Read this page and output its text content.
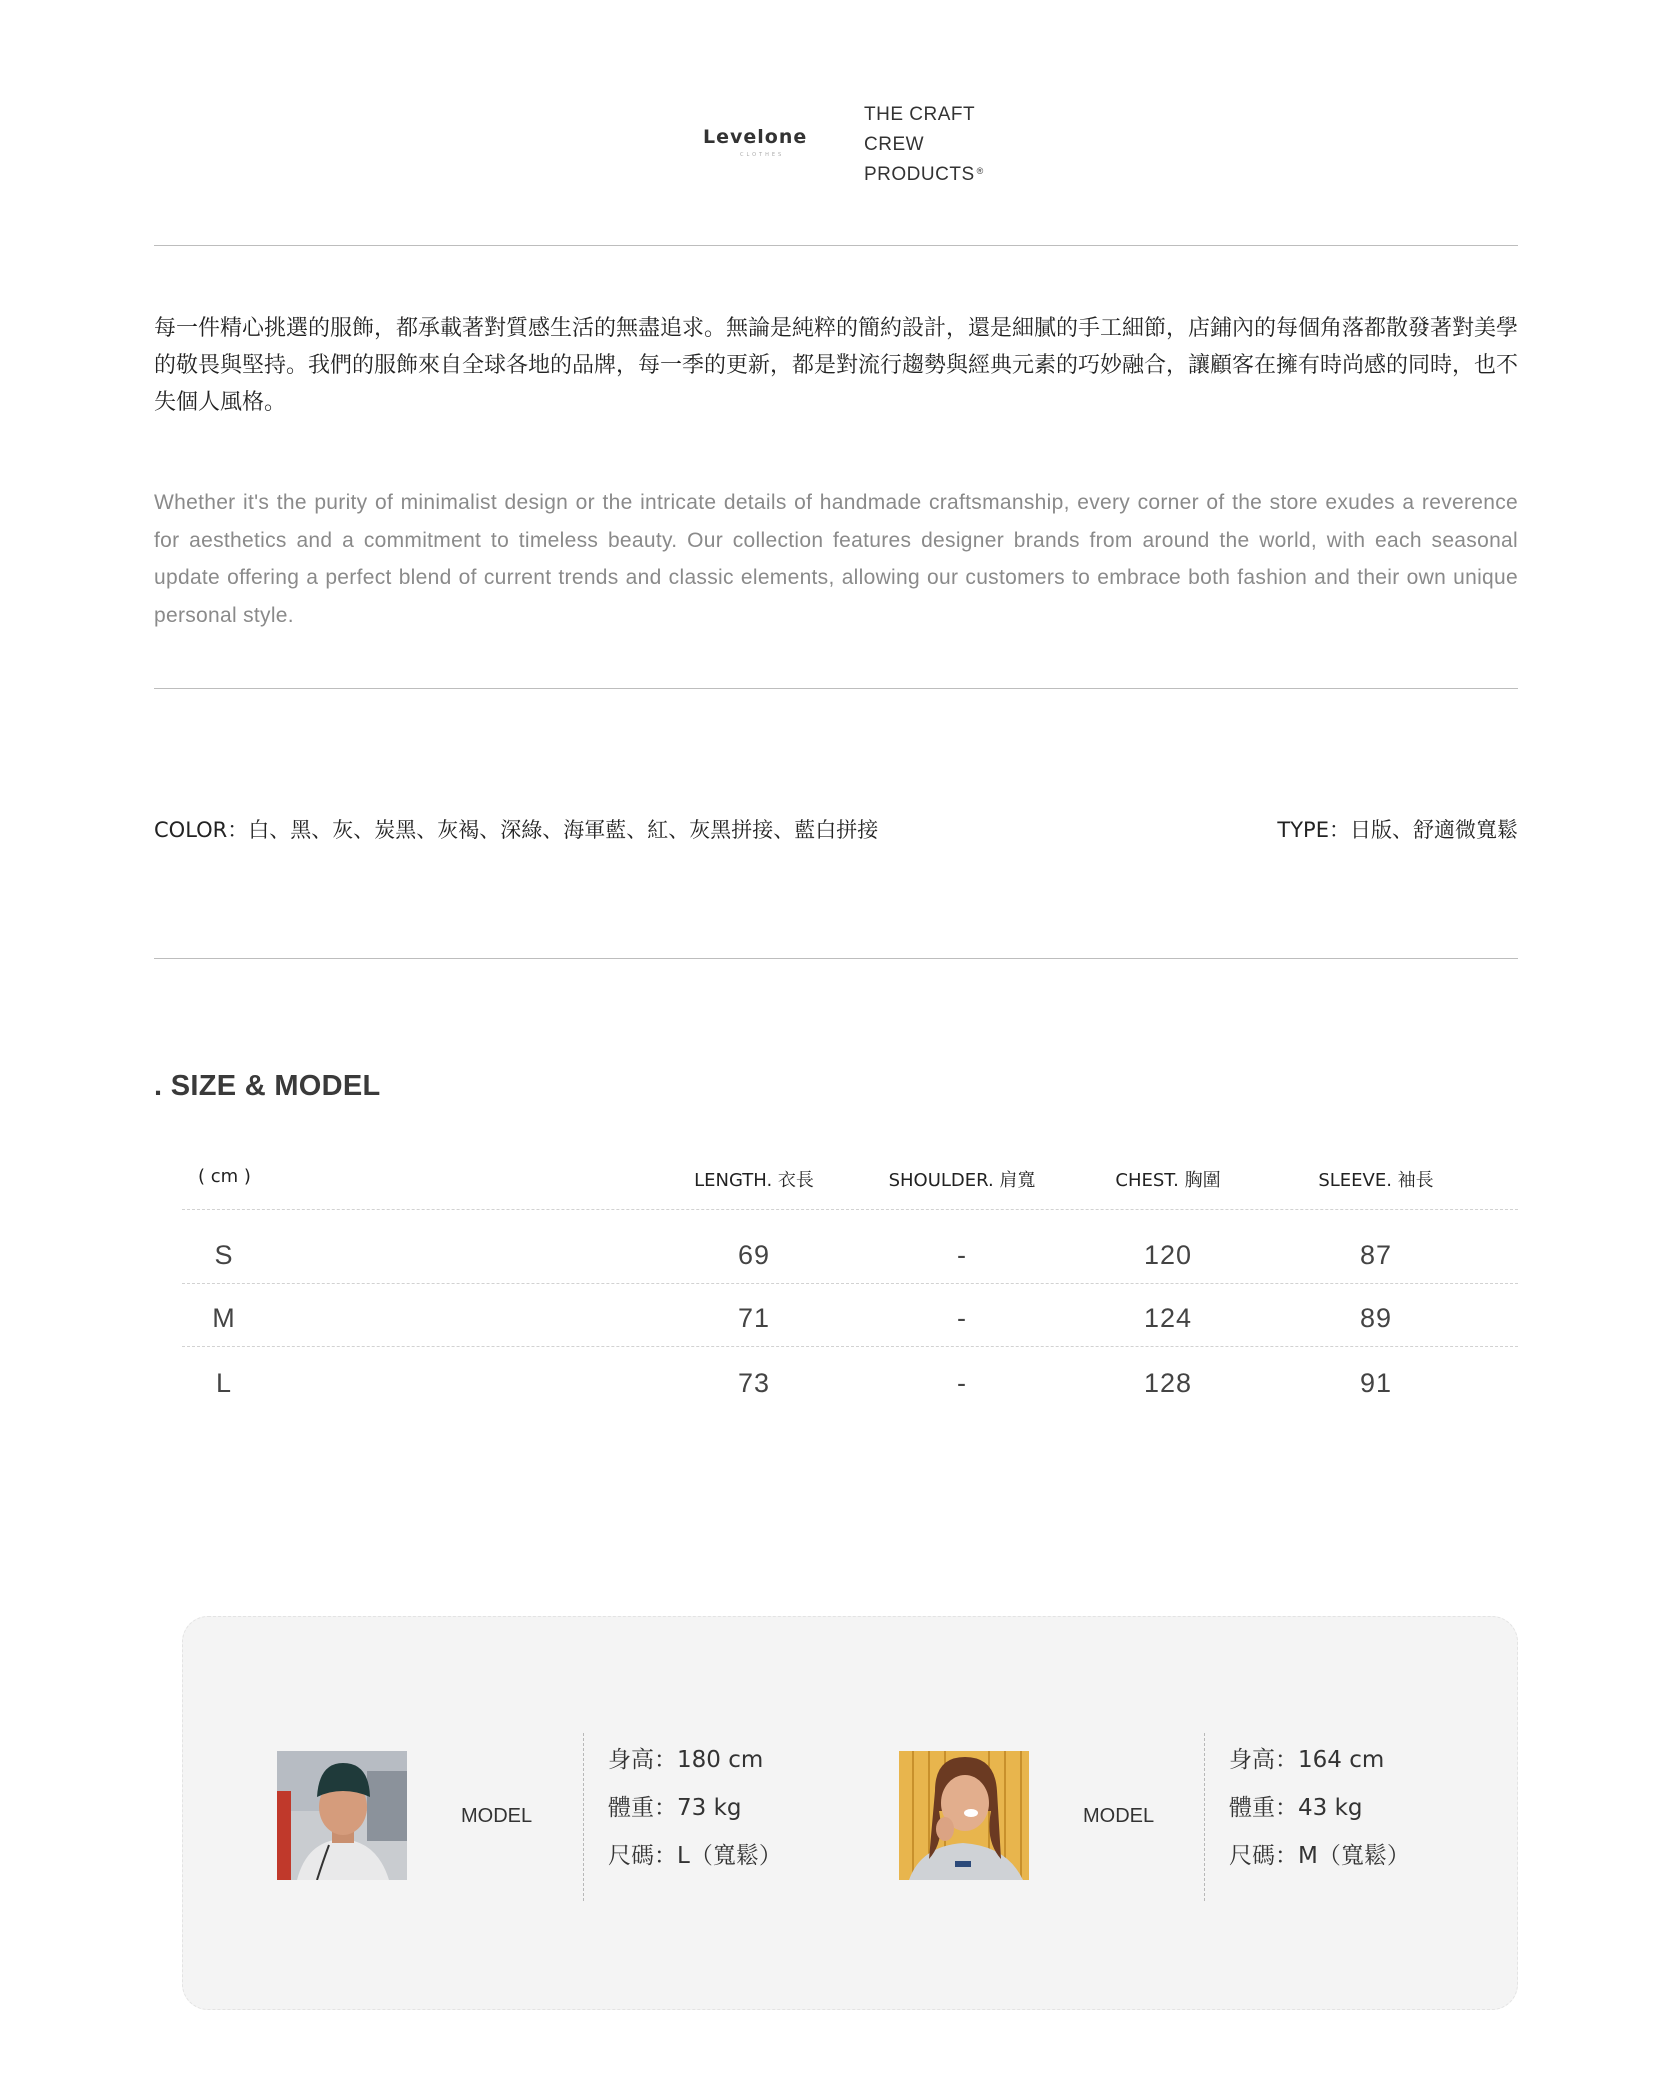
Levelone
CLOTHES
THE CRAFT
CREW
PRODUCTS ®
每一件精心挑選的服飾，都承載著對質感生活的無盡追求。無論是純粹的簡約設計，還是細膩的手工細節，店鋪內的每個角落都散發著對美學的敬畏與堅持。我們的服飾來自全球各地的品牌，每一季的更新，都是對流行趨勢與經典元素的巧妙融合，讓顧客在擁有時尚感的同時，也不失個人風格。
Whether it's the purity of minimalist design or the intricate details of handmade craftsmanship, every corner of the store exudes a reverence for aesthetics and a commitment to timeless beauty. Our collection features designer brands from around the world, with each seasonal update offering a perfect blend of current trends and classic elements, allowing our customers to embrace both fashion and their own unique personal style.
COLOR：白、黑、灰、炭黑、灰褐、深綠、海軍藍、紅、灰黑拼接、藍白拼接	TYPE：日版、舒適微寬鬆
. SIZE & MODEL
( cm )	LENGTH. 衣長	SHOULDER. 肩寬	CHEST. 胸圍	SLEEVE. 袖長
S	69	-	120	87
M	71	-	124	89
L	73	-	128	91
MODEL
身高：180 cm
體重：73 kg
尺碼：L（寬鬆）
MODEL
身高：164 cm
體重：43 kg
尺碼：M（寬鬆）
